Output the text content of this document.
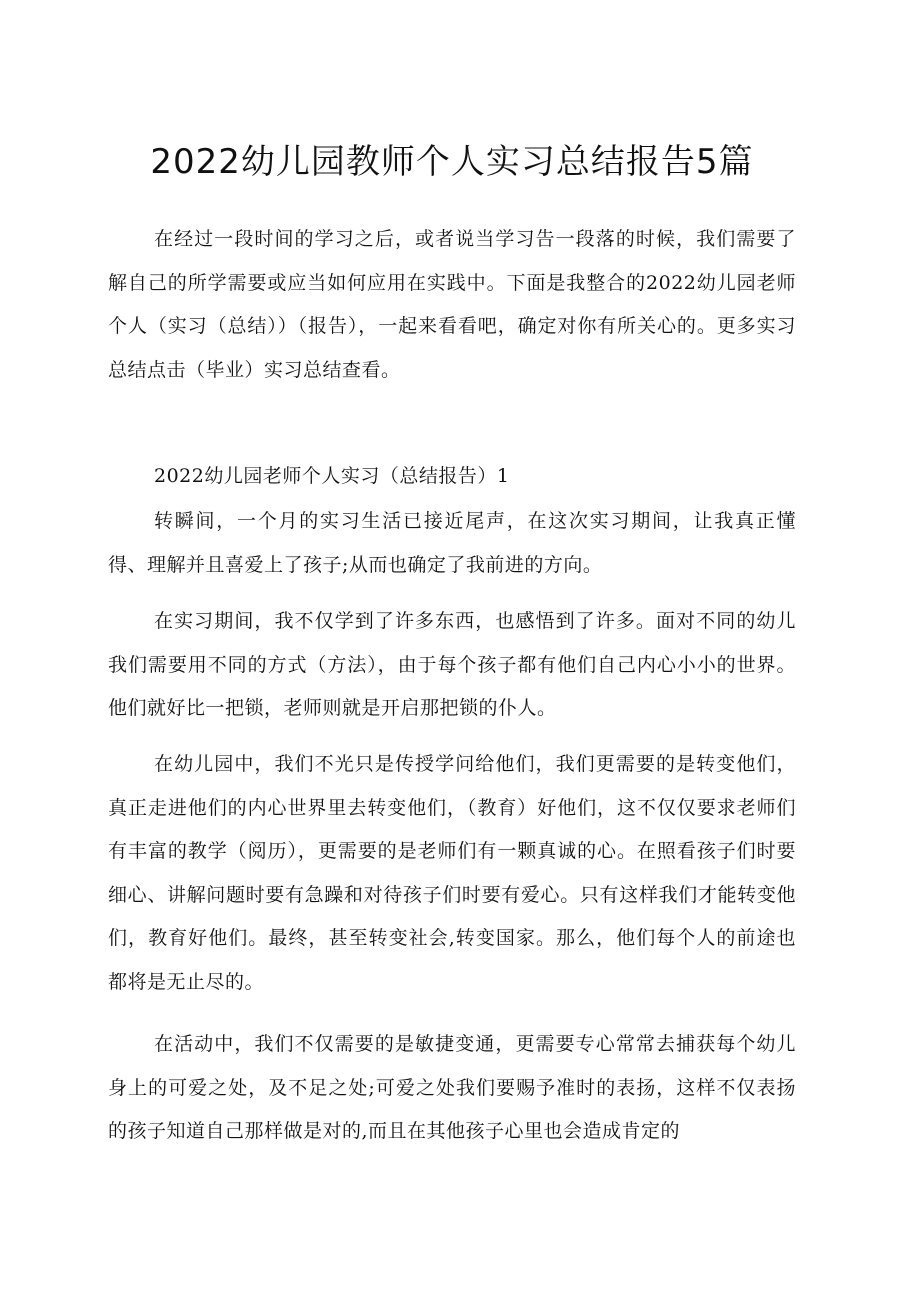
2022幼儿园教师个人实习总结报告5篇

在经过一段时间的学习之后，或者说当学习告一段落的时候，我们需要了解自己的所学需要或应当如何应用在实践中。下面是我整合的2022幼儿园老师个人（实习（总结））（报告），一起来看看吧，确定对你有所关心的。更多实习总结点击（毕业）实习总结查看。

2022幼儿园老师个人实习（总结报告）1

转瞬间，一个月的实习生活已接近尾声，在这次实习期间，让我真正懂得、理解并且喜爱上了孩子;从而也确定了我前进的方向。

在实习期间，我不仅学到了许多东西，也感悟到了许多。面对不同的幼儿我们需要用不同的方式（方法），由于每个孩子都有他们自己内心小小的世界。他们就好比一把锁，老师则就是开启那把锁的仆人。

在幼儿园中，我们不光只是传授学问给他们，我们更需要的是转变他们，真正走进他们的内心世界里去转变他们，（教育）好他们，这不仅仅要求老师们有丰富的教学（阅历），更需要的是老师们有一颗真诚的心。在照看孩子们时要细心、讲解问题时要有急躁和对待孩子们时要有爱心。只有这样我们才能转变他们，教育好他们。最终，甚至转变社会,转变国家。那么，他们每个人的前途也都将是无止尽的。

在活动中，我们不仅需要的是敏捷变通，更需要专心常常去捕获每个幼儿身上的可爱之处，及不足之处;可爱之处我们要赐予准时的表扬，这样不仅表扬的孩子知道自己那样做是对的,而且在其他孩子心里也会造成肯定的
